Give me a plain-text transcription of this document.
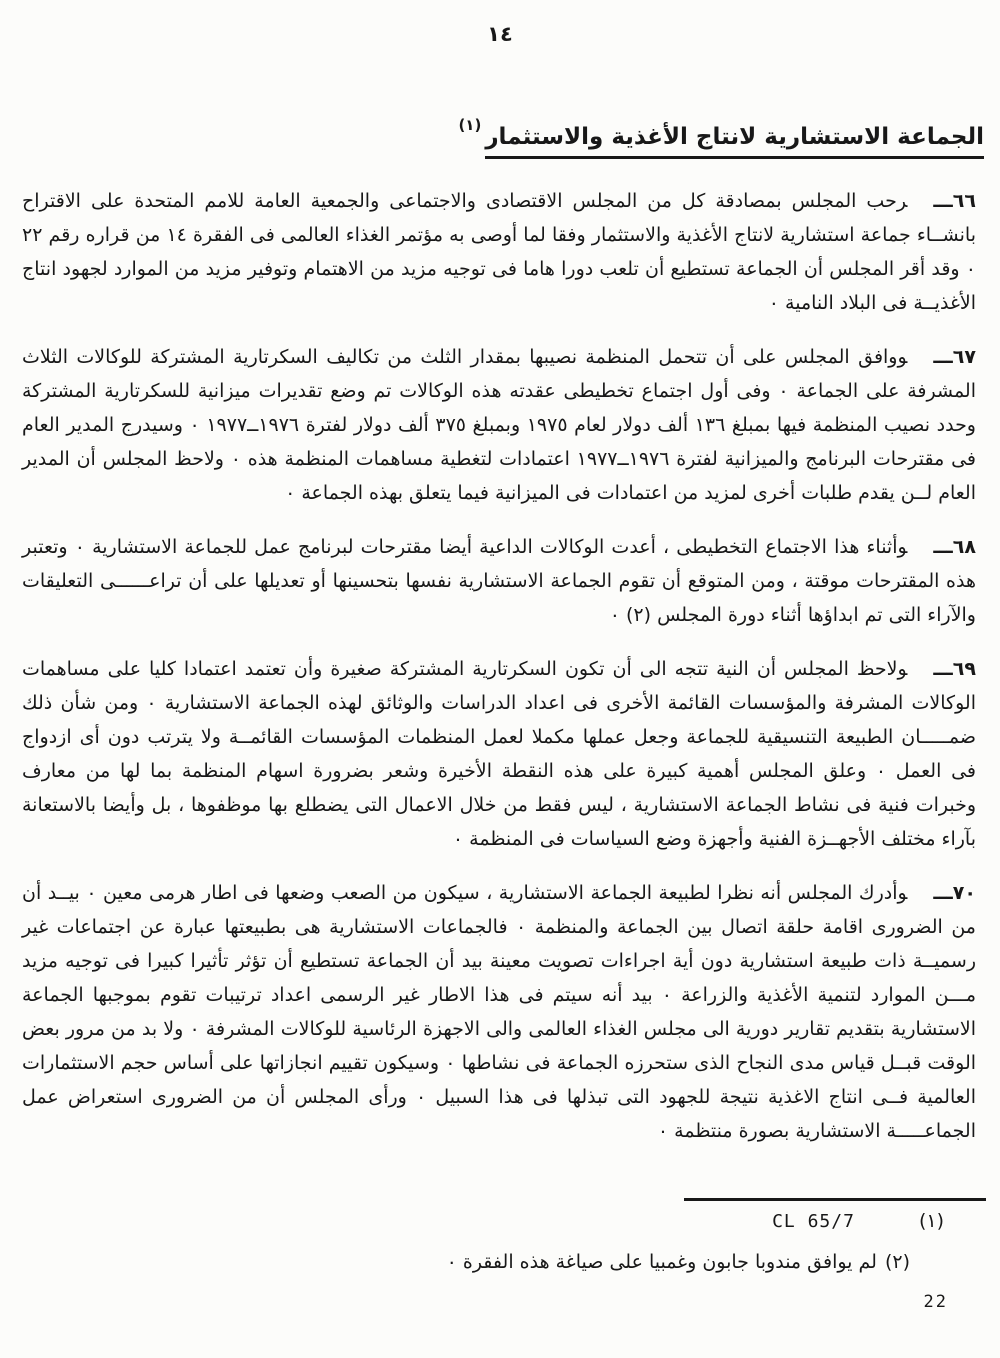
١٤
الجماعة الاستشارية لانتاج الأغذية والاستثمار$^{(١)}$
٦٦ـــرحب المجلس بمصادقة كل من المجلس الاقتصادى والاجتماعى والجمعية العامة للامم المتحدة على الاقتراح بانشــاء جماعة استشارية لانتاج الأغذية والاستثمار وفقا لما أوصى به مؤتمر الغذاء العالمى فى الفقرة ١٤ من قراره رقم ٢٢ ٠ وقد أقر المجلس أن الجماعة تستطيع أن تلعب دورا هاما فى توجيه مزيد من الاهتمام وتوفير مزيد من الموارد لجهود انتاج الأغذيــة فى البلاد النامية ٠
٦٧ـــووافق المجلس على أن تتحمل المنظمة نصيبها بمقدار الثلث من تكاليف السكرتارية المشتركة للوكالات الثلاث المشرفة على الجماعة ٠ وفى أول اجتماع تخطيطى عقدته هذه الوكالات تم وضع تقديرات ميزانية للسكرتارية المشتركة وحدد نصيب المنظمة فيها بمبلغ ١٣٦ ألف دولار لعام ١٩٧٥ وبمبلغ ٣٧٥ ألف دولار لفترة ١٩٧٦ــ١٩٧٧ ٠ وسيدرج المدير العام فى مقترحات البرنامج والميزانية لفترة ١٩٧٦ــ١٩٧٧ اعتمادات لتغطية مساهمات المنظمة هذه ٠ ولاحظ المجلس أن المدير العام لــن يقدم طلبات أخرى لمزيد من اعتمادات فى الميزانية فيما يتعلق بهذه الجماعة ٠
٦٨ـــوأثناء هذا الاجتماع التخطيطى ، أعدت الوكالات الداعية أيضا مقترحات لبرنامج عمل للجماعة الاستشارية ٠ وتعتبر هذه المقترحات موقتة ، ومن المتوقع أن تقوم الجماعة الاستشارية نفسها بتحسينها أو تعديلها على أن تراعــــــى التعليقات والآراء التى تم ابداؤها أثناء دورة المجلس (٢) ٠
٦٩ـــولاحظ المجلس أن النية تتجه الى أن تكون السكرتارية المشتركة صغيرة وأن تعتمد اعتمادا كليا على مساهمات الوكالات المشرفة والمؤسسات القائمة الأخرى فى اعداد الدراسات والوثائق لهذه الجماعة الاستشارية ٠ ومن شأن ذلك ضمـــــان الطبيعة التنسيقية للجماعة وجعل عملها مكملا لعمل المنظمات المؤسسات القائمــة ولا يترتب دون أى ازدواج فى العمل ٠ وعلق المجلس أهمية كبيرة على هذه النقطة الأخيرة وشعر بضرورة اسهام المنظمة بما لها من معارف وخبرات فنية فى نشاط الجماعة الاستشارية ، ليس فقط من خلال الاعمال التى يضطلع بها موظفوها ، بل وأيضا بالاستعانة بآراء مختلف الأجهــزة الفنية وأجهزة وضع السياسات فى المنظمة ٠
٧٠ـــوأدرك المجلس أنه نظرا لطبيعة الجماعة الاستشارية ، سيكون من الصعب وضعها فى اطار هرمى معين ٠ بيــد أن من الضرورى اقامة حلقة اتصال بين الجماعة والمنظمة ٠ فالجماعات الاستشارية هى بطبيعتها عبارة عن اجتماعات غير رسميــة ذات طبيعة استشارية دون أية اجراءات تصويت معينة بيد أن الجماعة تستطيع أن تؤثر تأثيرا كبيرا فى توجيه مزيد مـــن الموارد لتنمية الأغذية والزراعة ٠ بيد أنه سيتم فى هذا الاطار غير الرسمى اعداد ترتيبات تقوم بموجبها الجماعة الاستشارية بتقديم تقارير دورية الى مجلس الغذاء العالمى والى الاجهزة الرئاسية للوكالات المشرفة ٠ ولا بد من مرور بعض الوقت قبــل قياس مدى النجاح الذى ستحرزه الجماعة فى نشاطها ٠ وسيكون تقييم انجازاتها على أساس حجم الاستثمارات العالمية فــى انتاج الاغذية نتيجة للجهود التى تبذلها فى هذا السبيل ٠ ورأى المجلس أن من الضرورى استعراض عمل الجماعـــــة الاستشارية بصورة منتظمة ٠
(١)CL 65/7
(٢)لم يوافق مندوبا جابون وغمبيا على صياغة هذه الفقرة ٠
22
